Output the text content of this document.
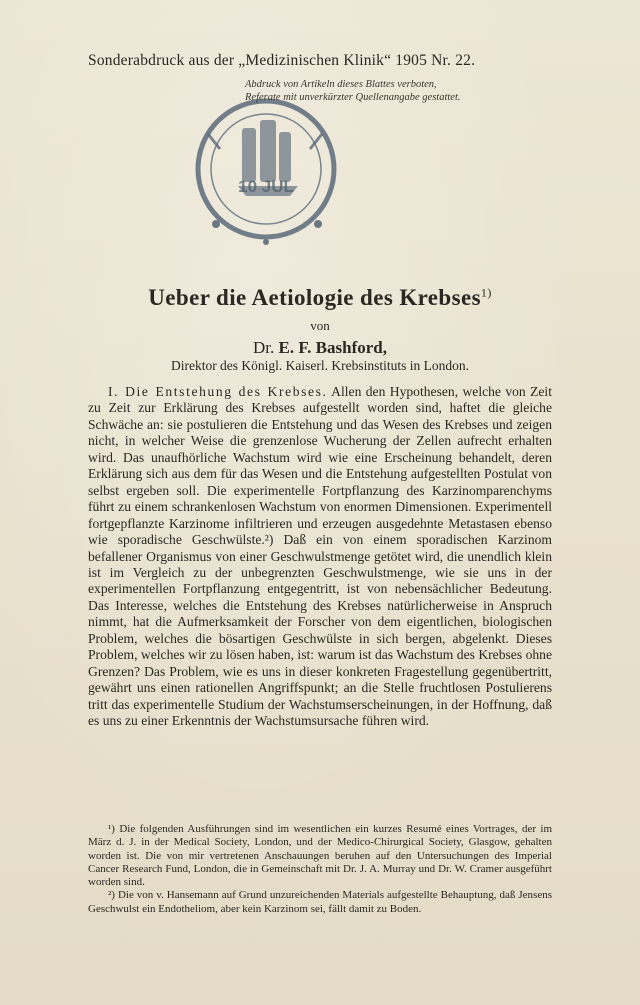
Sonderabdruck aus der „Medizinischen Klinik“ 1905 Nr. 22.
10 JUL
Abdruck von Artikeln dieses Blattes verboten,
Referate mit unverkürzter Quellenangabe gestattet.
Ueber die Aetiologie des Krebses$^{1)}$
von
Dr. E. F. Bashford,
Direktor des Königl. Kaiserl. Krebsinstituts in London.

I. Die Entstehung des Krebses. Allen den Hypothesen, welche von Zeit zu Zeit zur Erklärung des Krebses aufgestellt worden sind, haftet die gleiche Schwäche an: sie postulieren die Entstehung und das Wesen des Krebses und zeigen nicht, in welcher Weise die grenzenlose Wucherung der Zellen aufrecht erhalten wird. Das unaufhörliche Wachstum wird wie eine Erscheinung behandelt, deren Erklärung sich aus dem für das Wesen und die Entstehung aufgestellten Postulat von selbst ergeben soll. Die experimentelle Fortpflanzung des Karzinomparenchyms führt zu einem schrankenlosen Wachstum von enormen Dimensionen. Experimentell fortgepflanzte Karzinome infiltrieren und erzeugen ausgedehnte Metastasen ebenso wie sporadische Geschwülste.²) Daß ein von einem sporadischen Karzinom befallener Organismus von einer Geschwulstmenge getötet wird, die unendlich klein ist im Vergleich zu der unbegrenzten Geschwulstmenge, wie sie uns in der experimentellen Fortpflanzung entgegentritt, ist von nebensächlicher Bedeutung. Das Interesse, welches die Entstehung des Krebses natürlicherweise in Anspruch nimmt, hat die Aufmerksamkeit der Forscher von dem eigentlichen, biologischen Problem, welches die bösartigen Geschwülste in sich bergen, abgelenkt. Dieses Problem, welches wir zu lösen haben, ist: warum ist das Wachstum des Krebses ohne Grenzen? Das Problem, wie es uns in dieser konkreten Fragestellung gegenübertritt, gewährt uns einen rationellen Angriffspunkt; an die Stelle fruchtlosen Postulierens tritt das experimentelle Studium der Wachstumserscheinungen, in der Hoffnung, daß es uns zu einer Erkenntnis der Wachstumsursache führen wird.

¹) Die folgenden Ausführungen sind im wesentlichen ein kurzes Resumé eines Vortrages, der im März d. J. in der Medical Society, London, und der Medico-Chirurgical Society, Glasgow, gehalten worden ist. Die von mir vertretenen Anschauungen beruhen auf den Untersuchungen des Imperial Cancer Research Fund, London, die in Gemeinschaft mit Dr. J. A. Murray und Dr. W. Cramer ausgeführt worden sind.

²) Die von v. Hansemann auf Grund unzureichenden Materials aufgestellte Behauptung, daß Jensens Geschwulst ein Endotheliom, aber kein Karzinom sei, fällt damit zu Boden.
